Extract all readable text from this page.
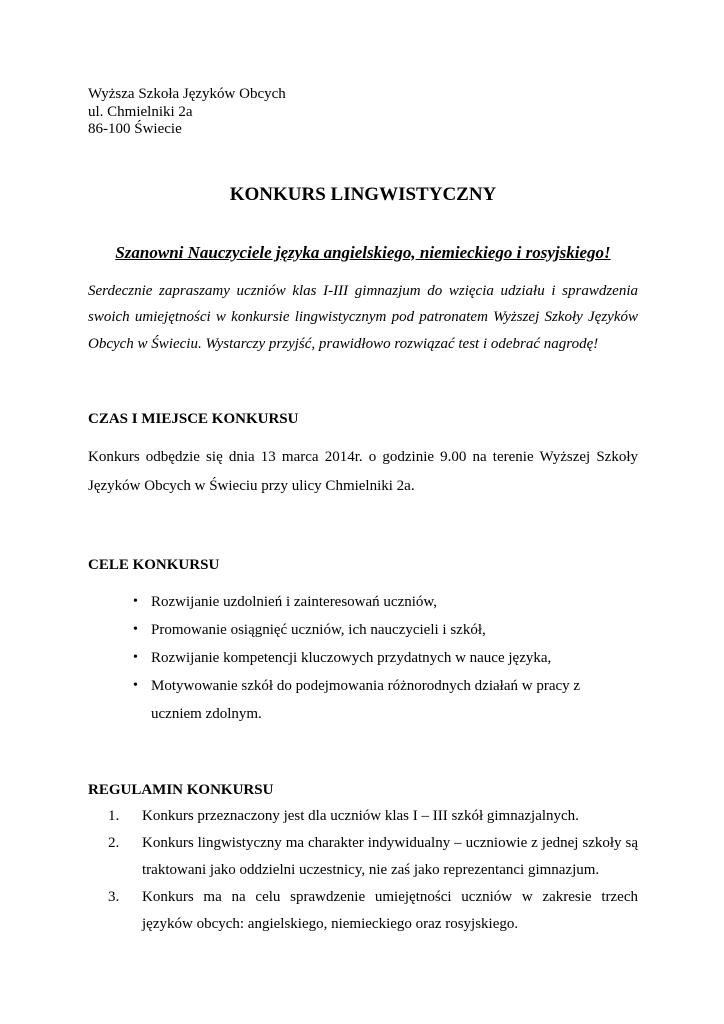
Wyższa Szkoła Języków Obcych
ul. Chmielniki 2a
86-100 Świecie
KONKURS LINGWISTYCZNY
Szanowni Nauczyciele języka angielskiego, niemieckiego i rosyjskiego!
Serdecznie zapraszamy uczniów klas I-III gimnazjum do wzięcia udziału i sprawdzenia swoich umiejętności w konkursie lingwistycznym pod patronatem Wyższej Szkoły Języków Obcych w Świeciu. Wystarczy przyjść, prawidłowo rozwiązać test i odebrać nagrodę!
CZAS I MIEJSCE KONKURSU
Konkurs odbędzie się dnia 13 marca 2014r. o godzinie 9.00 na terenie Wyższej Szkoły Języków Obcych w Świeciu przy ulicy Chmielniki 2a.
CELE KONKURSU
• Rozwijanie uzdolnień i zainteresowań uczniów,
• Promowanie osiągnięć uczniów, ich nauczycieli i szkół,
• Rozwijanie kompetencji kluczowych przydatnych w nauce języka,
• Motywowanie szkół do podejmowania różnorodnych działań w pracy z uczniem zdolnym.
REGULAMIN KONKURSU
1. Konkurs przeznaczony jest dla uczniów klas I – III szkół gimnazjalnych.
2. Konkurs lingwistyczny ma charakter indywidualny – uczniowie z jednej szkoły są traktowani jako oddzielni uczestnicy, nie zaś jako reprezentanci gimnazjum.
3. Konkurs ma na celu sprawdzenie umiejętności uczniów w zakresie trzech języków obcych: angielskiego, niemieckiego oraz rosyjskiego.
